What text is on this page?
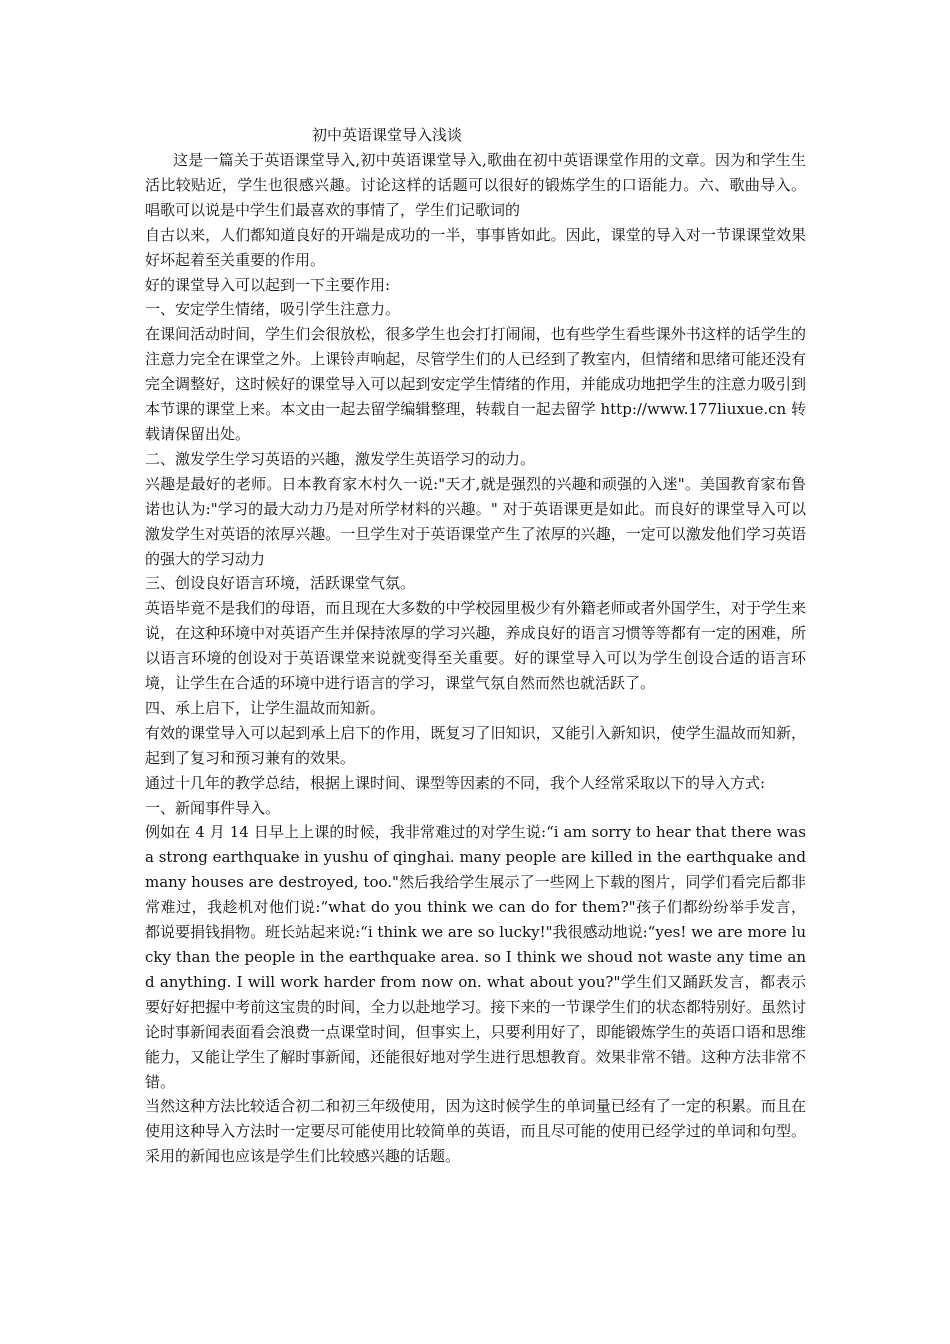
初中英语课堂导入浅谈

这是一篇关于英语课堂导入,初中英语课堂导入,歌曲在初中英语课堂作用的文章。因为和学生生活比较贴近，学生也很感兴趣。讨论这样的话题可以很好的锻炼学生的口语能力。六、歌曲导入。 唱歌可以说是中学生们最喜欢的事情了，学生们记歌词的

自古以来，人们都知道良好的开端是成功的一半，事事皆如此。因此，课堂的导入对一节课课堂效果好坏起着至关重要的作用。

好的课堂导入可以起到一下主要作用:

一、安定学生情绪，吸引学生注意力。

在课间活动时间，学生们会很放松，很多学生也会打打闹闹，也有些学生看些课外书这样的话学生的注意力完全在课堂之外。上课铃声响起，尽管学生们的人已经到了教室内，但情绪和思绪可能还没有完全调整好，这时候好的课堂导入可以起到安定学生情绪的作用，并能成功地把学生的注意力吸引到本节课的课堂上来。本文由一起去留学编辑整理，转载自一起去留学 http://www.177liuxue.cn 转载请保留出处。

二、激发学生学习英语的兴趣，激发学生英语学习的动力。

兴趣是最好的老师。日本教育家木村久一说:"天才,就是强烈的兴趣和顽强的入迷"。美国教育家布鲁诺也认为:"学习的最大动力乃是对所学材料的兴趣。" 对于英语课更是如此。而良好的课堂导入可以激发学生对英语的浓厚兴趣。一旦学生对于英语课堂产生了浓厚的兴趣，一定可以激发他们学习英语的强大的学习动力

三、创设良好语言环境，活跃课堂气氛。

英语毕竟不是我们的母语，而且现在大多数的中学校园里极少有外籍老师或者外国学生，对于学生来说，在这种环境中对英语产生并保持浓厚的学习兴趣，养成良好的语言习惯等等都有一定的困难，所以语言环境的创设对于英语课堂来说就变得至关重要。好的课堂导入可以为学生创设合适的语言环境，让学生在合适的环境中进行语言的学习，课堂气氛自然而然也就活跃了。

四、承上启下，让学生温故而知新。

有效的课堂导入可以起到承上启下的作用，既复习了旧知识，又能引入新知识，使学生温故而知新，起到了复习和预习兼有的效果。

通过十几年的教学总结，根据上课时间、课型等因素的不同，我个人经常采取以下的导入方式:

一、新闻事件导入。

例如在 4 月 14 日早上上课的时候，我非常难过的对学生说:“i am sorry to hear that there was a strong earthquake in yushu of qinghai. many people are killed in the earthquake and many houses are destroyed, too."然后我给学生展示了一些网上下载的图片，同学们看完后都非常难过，我趁机对他们说:“what do you think we can do for them?"孩子们都纷纷举手发言，都说要捐钱捐物。班长站起来说:“i think we are so lucky!"我很感动地说:“yes! we are more lucky than the people in the earthquake area. so I think we shoud not waste any time and anything. I will work harder from now on. what about you?"学生们又踊跃发言，都表示要好好把握中考前这宝贵的时间，全力以赴地学习。接下来的一节课学生们的状态都特别好。虽然讨论时事新闻表面看会浪费一点课堂时间，但事实上，只要利用好了，即能锻炼学生的英语口语和思维能力，又能让学生了解时事新闻，还能很好地对学生进行思想教育。效果非常不错。这种方法非常不错。

当然这种方法比较适合初二和初三年级使用，因为这时候学生的单词量已经有了一定的积累。而且在使用这种导入方法时一定要尽可能使用比较简单的英语，而且尽可能的使用已经学过的单词和句型。采用的新闻也应该是学生们比较感兴趣的话题。
